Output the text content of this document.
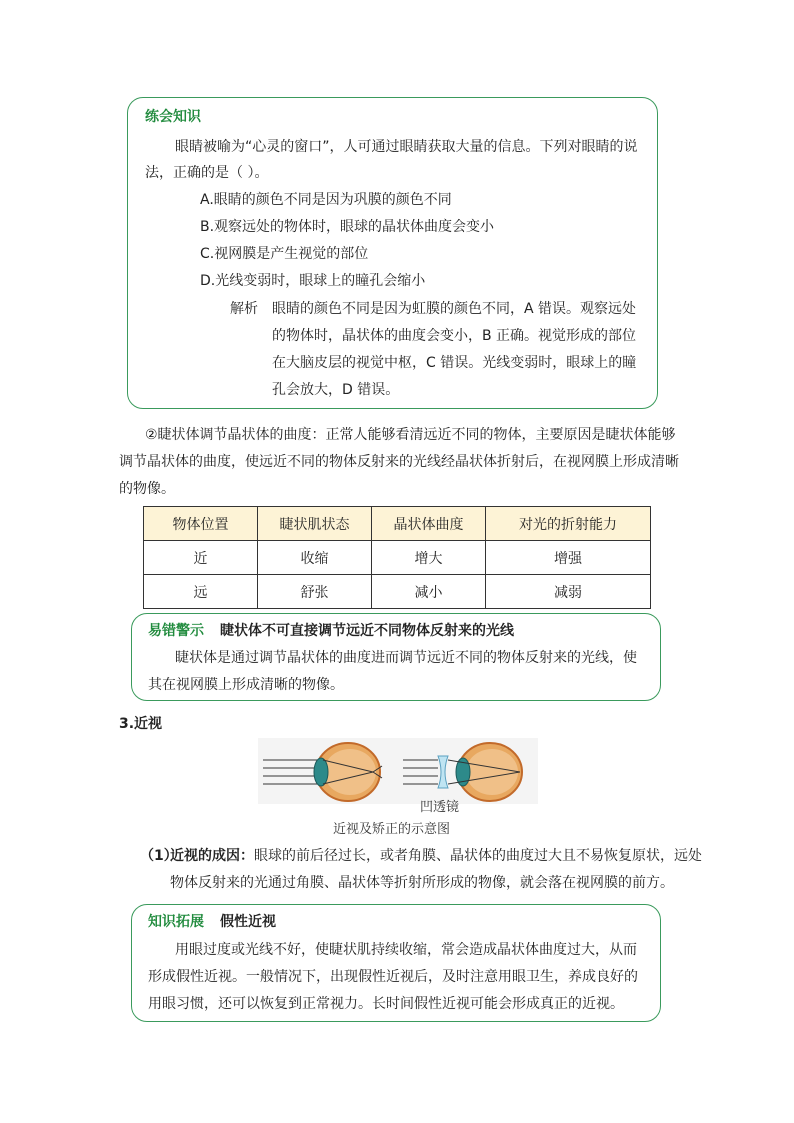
练会知识
眼睛被喻为“心灵的窗口”，人可通过眼睛获取大量的信息。下列对眼睛的说
法，正确的是（ ）。
A.眼睛的颜色不同是因为巩膜的颜色不同
B.观察远处的物体时，眼球的晶状体曲度会变小
C.视网膜是产生视觉的部位
D.光线变弱时，眼球上的瞳孔会缩小
解析 眼睛的颜色不同是因为虹膜的颜色不同，A 错误。观察远处
的物体时，晶状体的曲度会变小，B 正确。视觉形成的部位
在大脑皮层的视觉中枢，C 错误。光线变弱时，眼球上的瞳
孔会放大，D 错误。
②睫状体调节晶状体的曲度：正常人能够看清远近不同的物体，主要原因是睫状体能够
调节晶状体的曲度，使远近不同的物体反射来的光线经晶状体折射后，在视网膜上形成清晰
的物像。
物体位置	睫状肌状态	晶状体曲度	对光的折射能力
近	收缩	增大	增强
远	舒张	减小	减弱
易错警示 睫状体不可直接调节远近不同物体反射来的光线
睫状体是通过调节晶状体的曲度进而调节远近不同的物体反射来的光线，使
其在视网膜上形成清晰的物像。
3.近视
凹透镜
近视及矫正的示意图
（1）
近视的成因： 眼球的前后径过长，或者角膜、晶状体的曲度过大且不易恢复原状，远处
物体反射来的光通过角膜、晶状体等折射所形成的物像，就会落在视网膜的前方。
知识拓展 假性近视
用眼过度或光线不好，使睫状肌持续收缩，常会造成晶状体曲度过大，从而
形成假性近视。一般情况下，出现假性近视后，及时注意用眼卫生，养成良好的
用眼习惯，还可以恢复到正常视力。长时间假性近视可能会形成真正的近视。
